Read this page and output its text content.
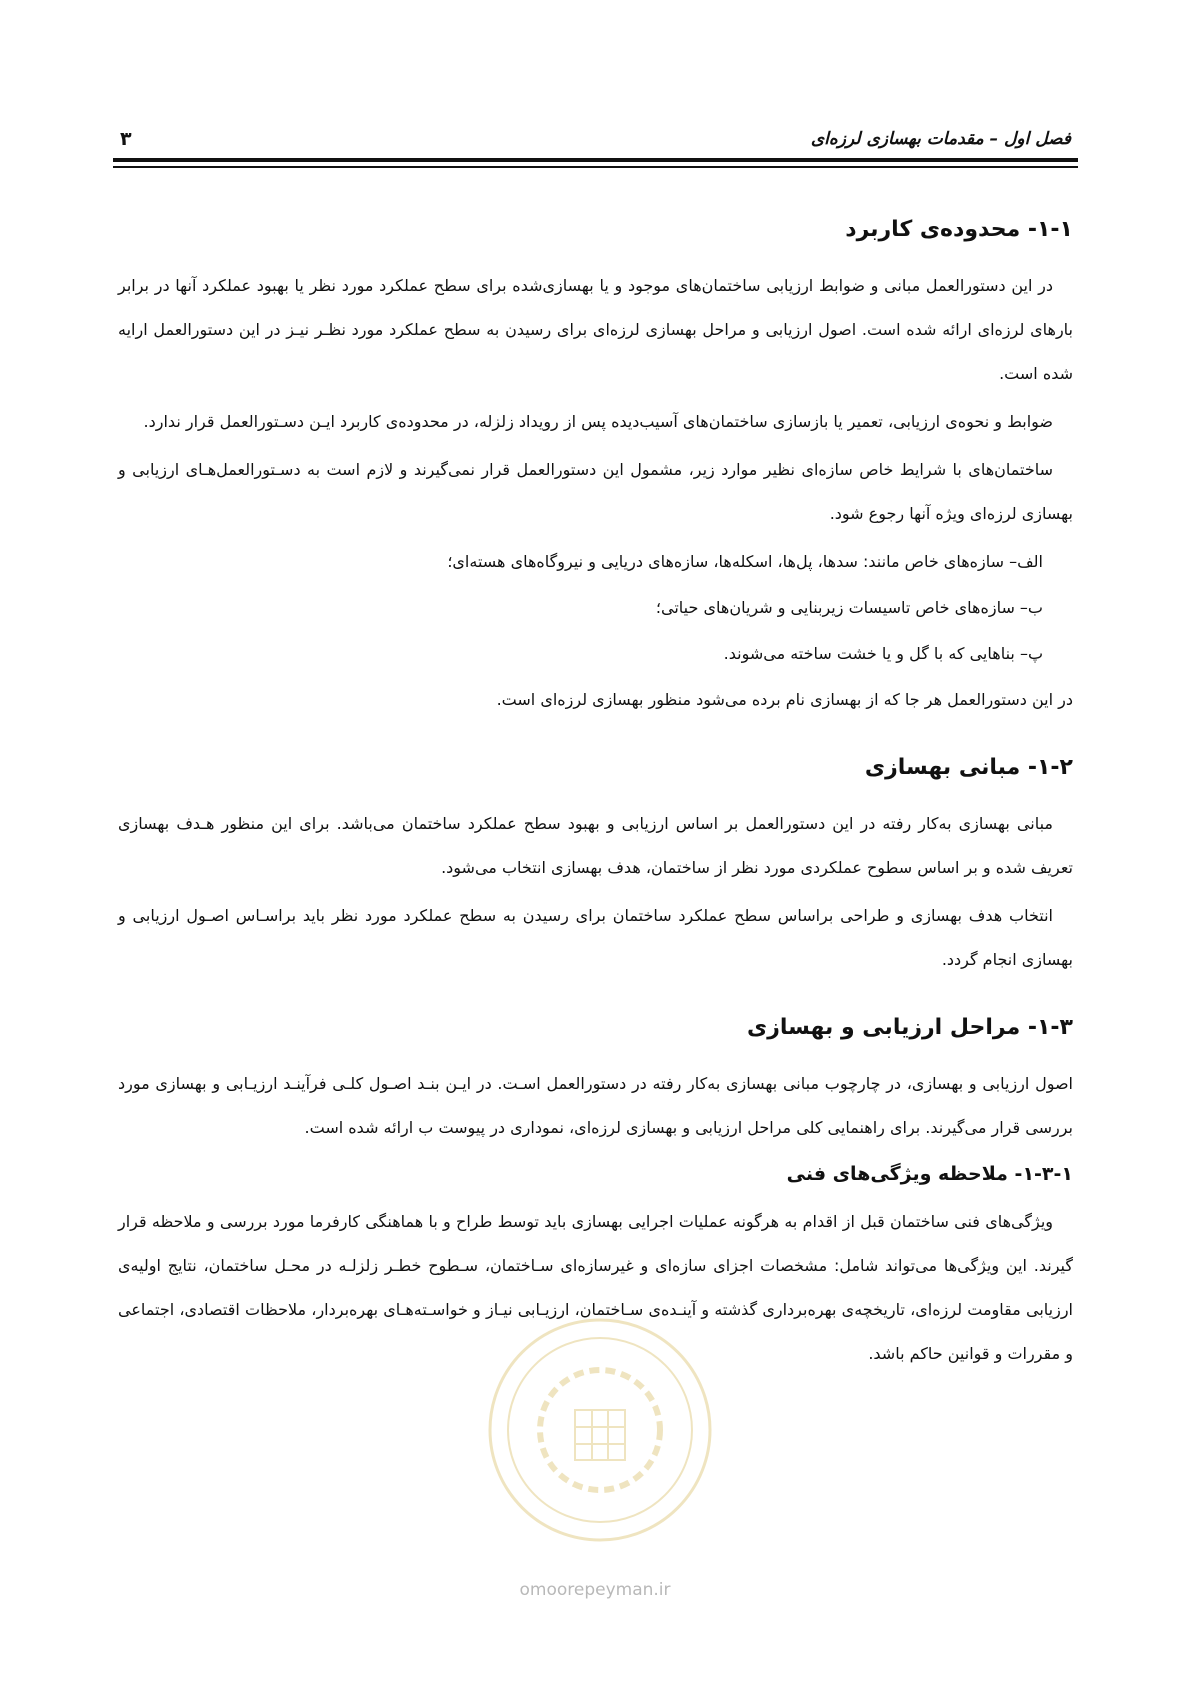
فصل اول – مقدمات بهسازی لرزه‌ای
۳
۱-۱- محدوده‌ی کاربرد

در این دستورالعمل مبانی و ضوابط ارزیابی ساختمان‌های موجود و یا بهسازی‌شده برای سطح عملکرد مورد نظر یا بهبود عملکرد آنها در برابر بارهای لرزه‌ای ارائه شده است. اصول ارزیابی و مراحل بهسازی لرزه‌ای برای رسیدن به سطح عملکرد مورد نظـر نیـز در این دستورالعمل ارایه شده است.

ضوابط و نحوه‌ی ارزیابی، تعمیر یا بازسازی ساختمان‌های آسیب‌دیده پس از رویداد زلزله، در محدوده‌ی کاربرد ایـن دسـتورالعمل قرار ندارد.

ساختمان‌های با شرایط خاص سازه‌ای نظیر موارد زیر، مشمول این دستورالعمل قرار نمی‌گیرند و لازم است به دسـتورالعمل‌هـای ارزیابی و بهسازی لرزه‌ای ویژه آنها رجوع شود.

الف– سازه‌های خاص مانند: سدها، پل‌ها، اسکله‌ها، سازه‌های دریایی و نیروگاه‌های هسته‌ای؛
ب– سازه‌های خاص تاسیسات زیربنایی و شریان‌های حیاتی؛
پ– بناهایی که با گل و یا خشت ساخته می‌شوند.

در این دستورالعمل هر جا که از بهسازی نام برده می‌شود منظور بهسازی لرزه‌ای است.

۱-۲- مبانی بهسازی

مبانی بهسازی به‌کار رفته در این دستورالعمل بر اساس ارزیابی و بهبود سطح عملکرد ساختمان می‌باشد. برای این منظور هـدف بهسازی تعریف شده و بر اساس سطوح عملکردی مورد نظر از ساختمان، هدف بهسازی انتخاب می‌شود.

انتخاب هدف بهسازی و طراحی براساس سطح عملکرد ساختمان برای رسیدن به سطح عملکرد مورد نظر باید براسـاس اصـول ارزیابی و بهسازی انجام گردد.

۱-۳- مراحل ارزیابی و بهسازی

اصول ارزیابی و بهسازی، در چارچوب مبانی بهسازی به‌کار رفته در دستورالعمل اسـت. در ایـن بنـد اصـول کلـی فرآینـد ارزیـابی و بهسازی مورد بررسی قرار می‌گیرند. برای راهنمایی کلی مراحل ارزیابی و بهسازی لرزه‌ای، نموداری در پیوست ب ارائه شده است.

۱-۳-۱- ملاحظه ویژگی‌های فنی

ویژگی‌های فنی ساختمان قبل از اقدام به هرگونه عملیات اجرایی بهسازی باید توسط طراح و با هماهنگی کارفرما مورد بررسی و ملاحظه قرار گیرند. این ویژگی‌ها می‌تواند شامل: مشخصات اجزای سازه‌ای و غیرسازه‌ای سـاختمان، سـطوح خطـر زلزلـه در محـل ساختمان، نتایج اولیه‌ی ارزیابی مقاومت لرزه‌ای، تاریخچه‌ی بهره‌برداری گذشته و آینـده‌ی سـاختمان، ارزیـابی نیـاز و خواسـته‌هـای بهره‌بردار، ملاحظات اقتصادی، اجتماعی و مقررات و قوانین حاکم باشد.

omoorepeyman.ir
